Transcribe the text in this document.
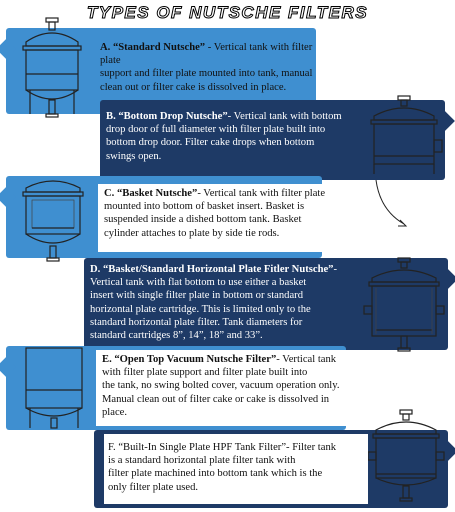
TYPES OF NUTSCHE FILTERS
A. “Standard Nutsche” - Vertical tank with filter plate
support and filter plate mounted into tank, manual
clean out or filter cake is dissolved in place.
B. “Bottom Drop Nutsche”- Vertical tank with bottom
drop door of full diameter with filter plate built into
bottom drop door. Filter cake drops when bottom
swings open.
C. “Basket Nutsche”- Vertical tank with filter plate
mounted into bottom of basket insert. Basket is
suspended inside a dished bottom tank. Basket
cylinder attaches to plate by side tie rods.
D. “Basket/Standard Horizontal Plate Fitler Nutsche”-
Vertical tank with flat bottom to use either a basket
insert with single filter plate in bottom or standard
horizontal plate cartridge. This is limited only to the
standard horizontal plate filter. Tank diameters for
standard cartridges 8”, 14”, 18” and 33”.
E. “Open Top Vacuum Nutsche Filter”- Vertical tank
with filter plate support and filter plate built into
the tank, no swing bolted cover, vacuum operation only.
Manual clean out of filter cake or cake is dissolved in
place.
F. “Built-In Single Plate HPF Tank Filter”- Filter tank
is a standard horizontal plate filter tank with
filter plate machined into bottom tank which is the
only filter plate used.
